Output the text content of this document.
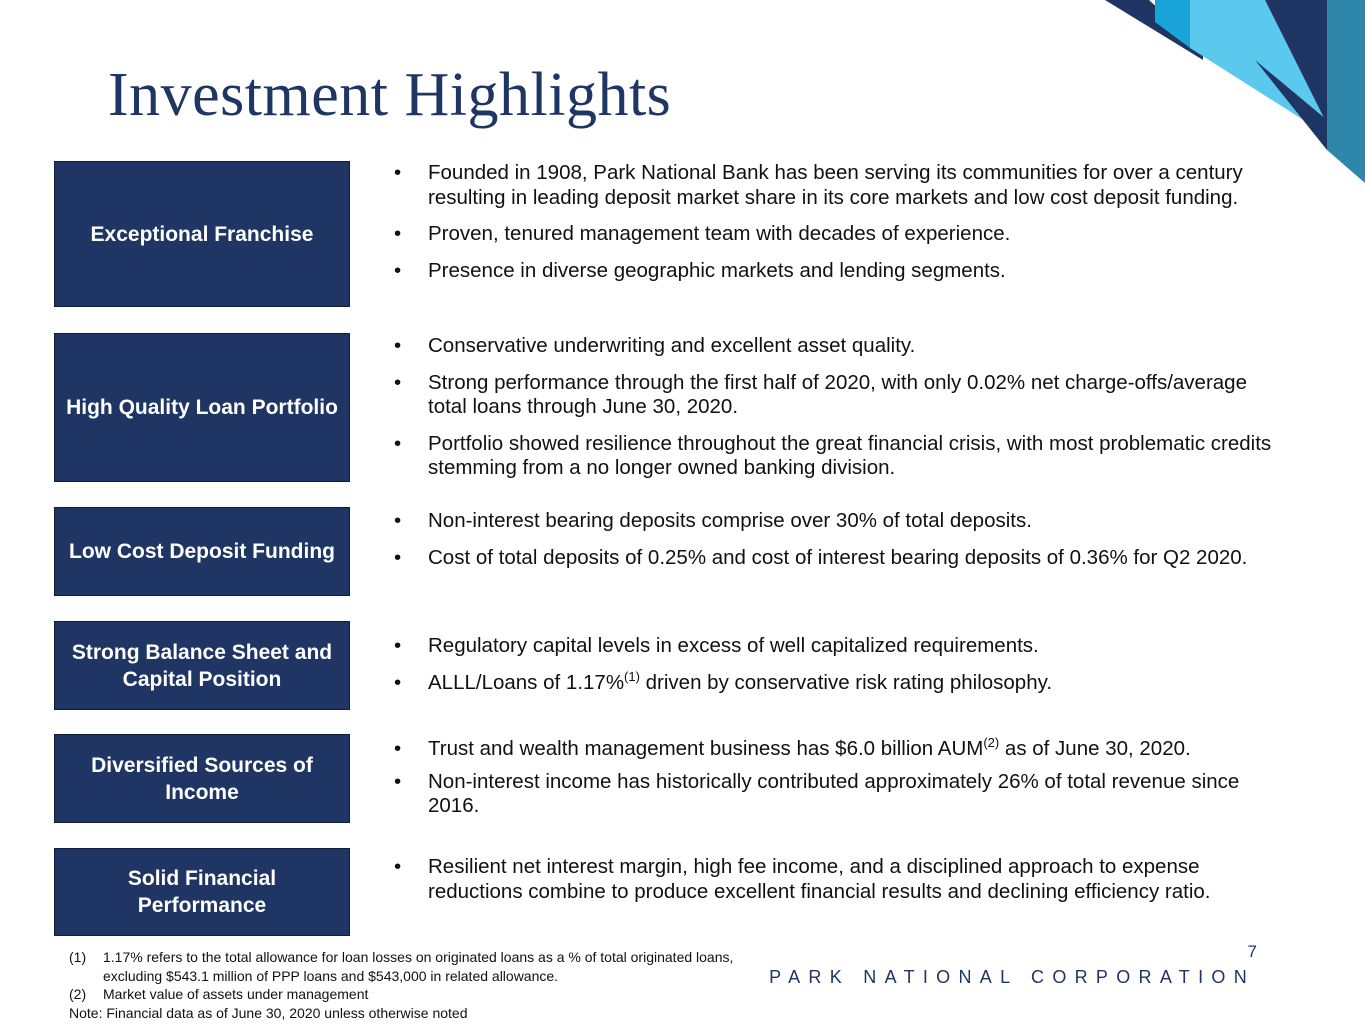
Investment Highlights
Exceptional Franchise
• Founded in 1908, Park National Bank has been serving its communities for over a century resulting in leading deposit market share in its core markets and low cost deposit funding.
• Proven, tenured management team with decades of experience.
• Presence in diverse geographic markets and lending segments.
High Quality Loan Portfolio
• Conservative underwriting and excellent asset quality.
• Strong performance through the first half of 2020, with only 0.02% net charge-offs/average total loans through June 30, 2020.
• Portfolio showed resilience throughout the great financial crisis, with most problematic credits stemming from a no longer owned banking division.
Low Cost Deposit Funding
• Non-interest bearing deposits comprise over 30% of total deposits.
• Cost of total deposits of 0.25% and cost of interest bearing deposits of 0.36% for Q2 2020.
Strong Balance Sheet and Capital Position
• Regulatory capital levels in excess of well capitalized requirements.
• ALLL/Loans of 1.17%$^{(1)}$ driven by conservative risk rating philosophy.
Diversified Sources of Income
• Trust and wealth management business has $6.0 billion AUM$^{(2)}$ as of June 30, 2020.
• Non-interest income has historically contributed approximately 26% of total revenue since 2016.
Solid Financial Performance
• Resilient net interest margin, high fee income, and a disciplined approach to expense reductions combine to produce excellent financial results and declining efficiency ratio.
(1)	1.17% refers to the total allowance for loan losses on originated loans as a % of total originated loans,
excluding $543.1 million of PPP loans and $543,000 in related allowance.
(2)	Market value of assets under management
Note: Financial data as of June 30, 2020 unless otherwise noted
7
PARK NATIONAL CORPORATION
